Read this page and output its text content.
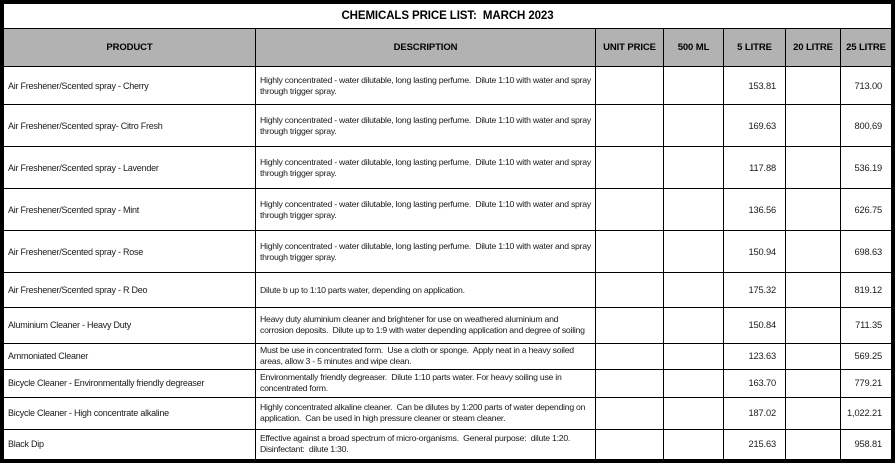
CHEMICALS PRICE LIST:  MARCH 2023						
PRODUCT	DESCRIPTION	UNIT PRICE	500 ML	5 LITRE	20 LITRE	25 LITRE
Air Freshener/Scented spray - Cherry	Highly concentrated - water dilutable, long lasting perfume.  Dilute 1:10 with water and spray through trigger spray.			153.81		713.00
Air Freshener/Scented spray- Citro Fresh	Highly concentrated - water dilutable, long lasting perfume.  Dilute 1:10 with water and spray through trigger spray.			169.63		800.69
Air Freshener/Scented spray - Lavender	Highly concentrated - water dilutable, long lasting perfume.  Dilute 1:10 with water and spray through trigger spray.			117.88		536.19
Air Freshener/Scented spray - Mint	Highly concentrated - water dilutable, long lasting perfume.  Dilute 1:10 with water and spray through trigger spray.			136.56		626.75
Air Freshener/Scented spray - Rose	Highly concentrated - water dilutable, long lasting perfume.  Dilute 1:10 with water and spray through trigger spray.			150.94		698.63
Air Freshener/Scented spray - R Deo	Dilute b up to 1:10 parts water, depending on application.			175.32		819.12
Aluminium Cleaner - Heavy Duty	Heavy duty aluminium cleaner and brightener for use on weathered aluminium and corrosion deposits.  Dilute up to 1:9 with water depending application and degree of soiling			150.84		711.35
Ammoniated Cleaner	Must be use in concentrated form.  Use a cloth or sponge.  Apply neat in a heavy soiled areas, allow 3 - 5 minutes and wipe clean.			123.63		569.25
Bicycle Cleaner - Environmentally friendly degreaser	Environmentally friendly degreaser.  Dilute 1:10 parts water. For heavy soiling use in concentrated form.			163.70		779.21
Bicycle Cleaner - High concentrate alkaline	Highly concentrated alkaline cleaner.  Can be dilutes by 1:200 parts of water depending on application.  Can be used in high pressure cleaner or steam cleaner.			187.02		1,022.21
Black Dip	Effective against a broad spectrum of micro-organisms.  General purpose:  dilute 1:20.  Disinfectant:  dilute 1:30.			215.63		958.81
